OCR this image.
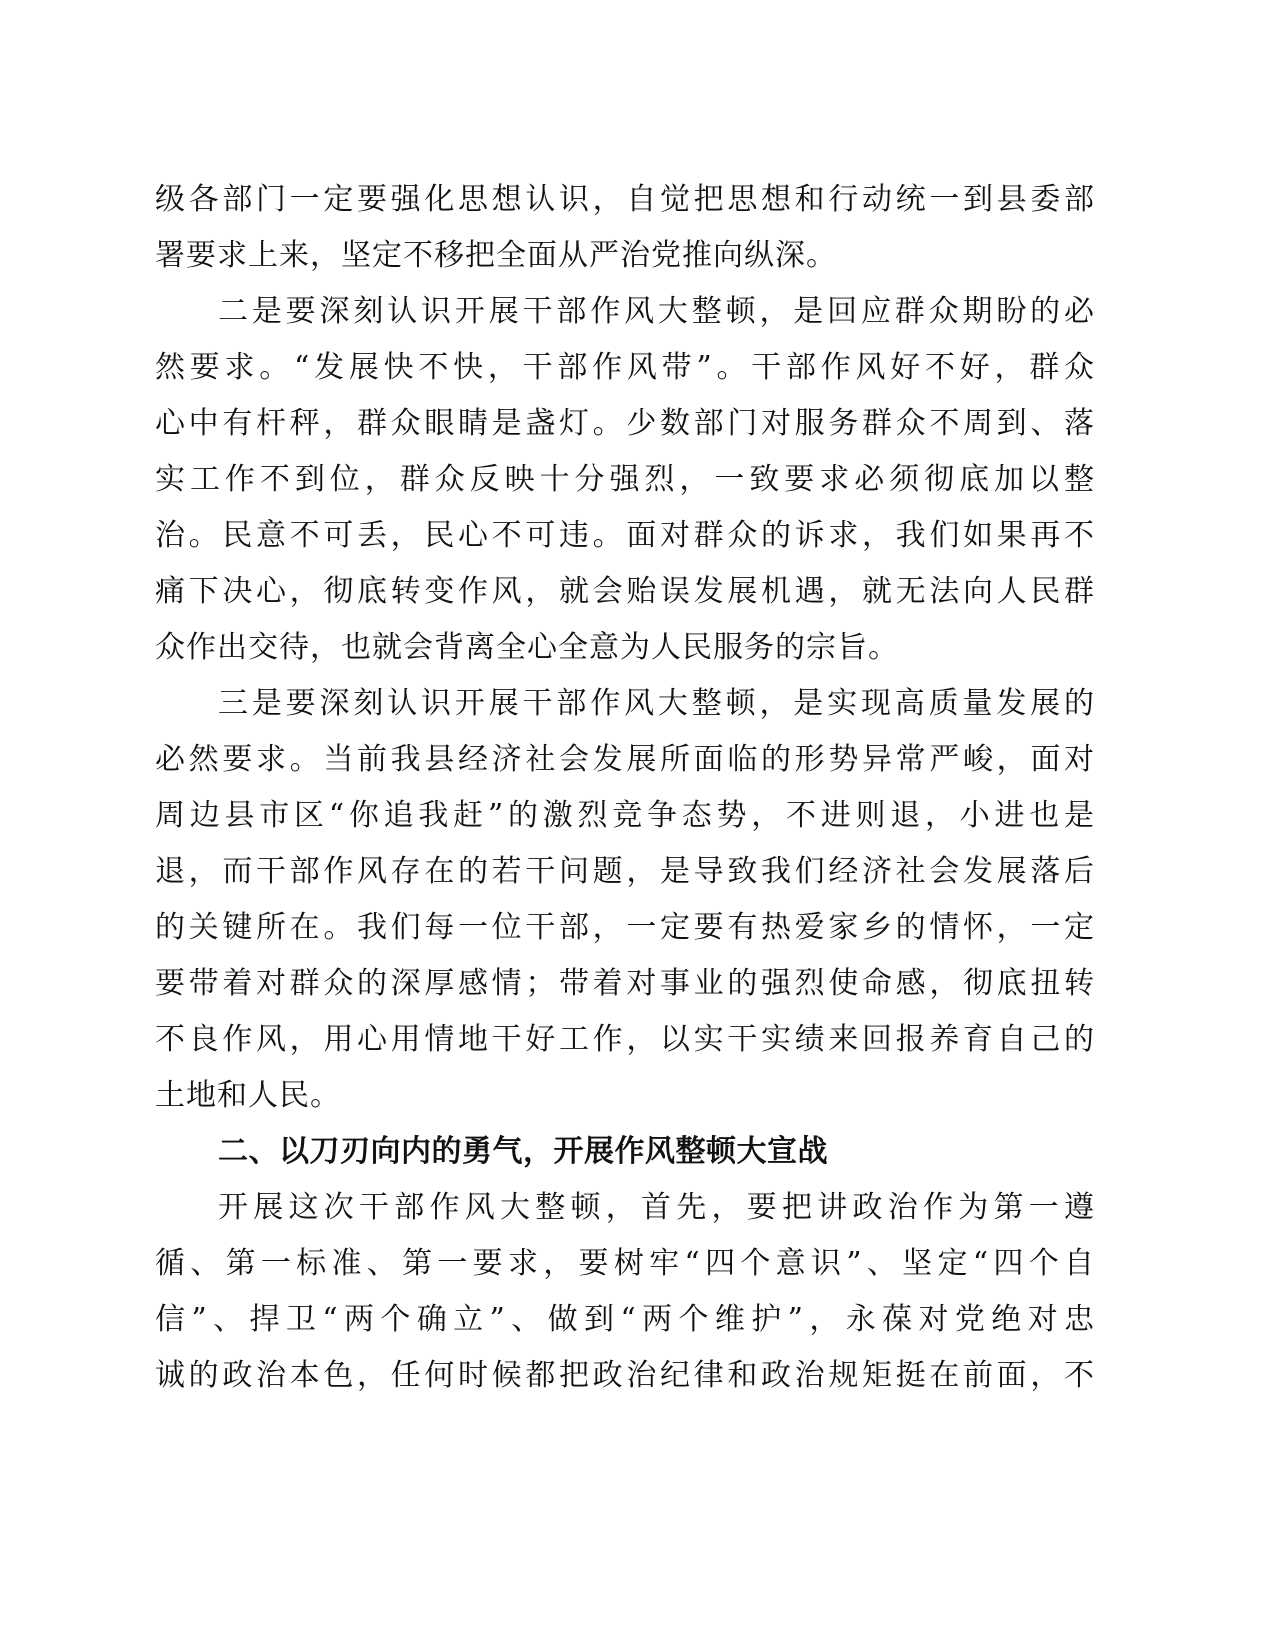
级各部门一定要强化思想认识，自觉把思想和行动统一到县委部
署要求上来，坚定不移把全面从严治党推向纵深。
二是要深刻认识开展干部作风大整顿，是回应群众期盼的必
然要求。“发展快不快，干部作风带”。干部作风好不好，群众
心中有杆秤，群众眼睛是盏灯。少数部门对服务群众不周到、落
实工作不到位，群众反映十分强烈，一致要求必须彻底加以整
治。民意不可丢，民心不可违。面对群众的诉求，我们如果再不
痛下决心，彻底转变作风，就会贻误发展机遇，就无法向人民群
众作出交待，也就会背离全心全意为人民服务的宗旨。
三是要深刻认识开展干部作风大整顿，是实现高质量发展的
必然要求。当前我县经济社会发展所面临的形势异常严峻，面对
周边县市区“你追我赶”的激烈竞争态势，不进则退，小进也是
退，而干部作风存在的若干问题，是导致我们经济社会发展落后
的关键所在。我们每一位干部，一定要有热爱家乡的情怀，一定
要带着对群众的深厚感情；带着对事业的强烈使命感，彻底扭转
不良作风，用心用情地干好工作，以实干实绩来回报养育自己的
土地和人民。
二、以刀刃向内的勇气，开展作风整顿大宣战
开展这次干部作风大整顿，首先，要把讲政治作为第一遵
循、第一标准、第一要求，要树牢“四个意识”、坚定“四个自
信”、捍卫“两个确立”、做到“两个维护”，永葆对党绝对忠
诚的政治本色，任何时候都把政治纪律和政治规矩挺在前面，不
